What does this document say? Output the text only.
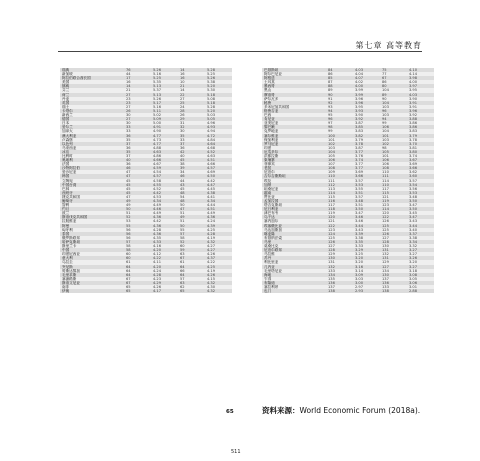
第七章 高等教育
瑞典	76	5.26	14	5.28
新加坡	44	5.16	16	5.25
阿拉伯联合酋长国	17	5.25	16	5.26
美国	16	5.35	10	5.38
挪威	14	5.13	21	5.20
芬兰	21	5.37	14	5.30
荷兰	27	5.13	22	5.18
丹麦	23	5.26	27	5.08
英国	23	5.17	25	5.18
瑞士	27	5.16	24	5.28
卡塔尔	26	5.11	28	5.20
新西兰	30	5.02	26	5.03
德国	27	5.09	29	5.05
日本	30	5.00	31	4.96
爱尔兰	33	4.91	32	4.93
加拿大	33	4.90	30	4.94
澳大利亚	36	4.77	35	4.72
卢森堡	35	4.73	33	4.84
以色列	37	4.77	37	4.64
马来西亚	36	4.88	36	4.68
冰岛	35	4.63	42	4.52
比利时	37	4.86	40	4.63
奥地利	40	4.66	45	4.51
法国	36	4.67	38	4.66
沙特阿拉伯	46	4.59	39	4.57
爱沙尼亚	47	4.54	34	4.69
韩国	47	4.57	46	4.50
立陶宛	45	4.58	44	4.42
中国台湾	45	4.55	43	4.47
巴林	45	4.52	45	4.45
西班牙	45	4.42	48	4.38
捷克共和国	47	4.53	54	4.41
葡萄牙	49	4.34	48	4.34
智利	49	4.49	50	4.44
约旦	50	4.46	47	4.51
波兰	51	4.49	51	4.49
斯洛伐克共和国	52	4.36	49	4.36
拉脱维亚	53	4.42	51	4.24
阿曼	55	4.36	50	4.39
匈牙利	56	4.28	55	4.25
泰国	56	4.36	57	4.28
俄罗斯联邦	56	4.35	58	4.19
哈萨克斯坦	57	4.33	52	4.32
斯里兰卡	58	4.16	60	4.27
中国	58	4.20	59	4.27
印度尼西亚	60	4.12	63	4.26
意大利	60	4.22	67	4.37
乌拉圭	61	4.11	61	4.22
突尼斯	64	4.20	64	4.25
哥斯达黎加	64	4.24	66	4.19
毛里求斯	64	4.28	64	4.26
塞浦路斯	67	4.23	57	4.15
斯洛文尼亚	67	4.29	63	4.32
南非	65	4.26	62	4.30
伊朗	65	4.17	65	4.32
巴基斯坦	84	4.03	75	4.10
阿尔巴尼亚	86	4.04	77	4.14
阿根廷	85	4.07	67	3.98
土耳其	87	4.02	86	4.00
墨西哥	88	4.00	80	3.97
黑山	89	3.99	104	3.95
摩洛哥	90	3.99	89	4.03
萨尔瓦多	91	3.96	90	3.90
秘鲁	92	3.96	104	3.91
多米尼加共和国	93	3.95	103	3.91
格鲁吉亚	94	3.93	96	3.96
巴西	95	3.90	103	3.92
肯尼亚	96	3.92	94	3.88
亚美尼亚	97	3.87	99	3.86
黎巴嫩	98	3.85	106	3.86
克罗地亚	99	3.83	104	3.83
塞尔维亚	100	3.82	101	3.79
保加利亚	101	3.79	103	3.78
罗马尼亚	102	3.78	102	3.70
印度	103	3.87	98	3.81
厄瓜多尔	104	3.77	105	3.80
洪都拉斯	105	3.76	101	3.74
柬埔寨	106	3.74	106	3.67
菲律宾	107	3.77	106	3.69
老挝	108	3.77	108	3.66
尼泊尔	109	3.69	110	3.62
吉尔吉斯斯坦	110	3.66	111	3.60
埃及	111	3.57	114	3.57
加纳	112	3.53	110	3.54
坦桑尼亚	113	3.55	117	3.56
越南	114	3.51	115	3.53
赞比亚	115	3.57	121	3.48
孟加拉国	116	3.48	119	3.50
塔吉克斯坦	117	3.51	123	3.47
尼日利亚	118	3.50	114	3.50
津巴布韦	119	3.47	120	3.45
乌干达	120	3.46	122	3.47
塞内加尔	121	3.46	126	3.43
埃塞俄比亚	122	3.44	125	3.44
马达加斯加	123	3.43	125	3.40
喀麦隆	124	3.39	126	3.37
布基纳法索	125	3.38	127	3.38
马里	126	3.35	128	3.34
莫桑比克	127	3.33	130	3.32
尼泊尔联邦	128	3.29	131	3.27
马拉维	129	3.25	132	3.27
苏丹	130	3.20	131	3.26
利比里亚	131	3.20	129	3.20
几内亚	132	3.16	127	3.27
毛里塔尼亚	133	3.14	134	3.18
海地	134	3.09	130	3.08
乍得	135	3.03	137	3.05
布隆迪	136	3.00	136	3.06
塞拉利昂	137	2.97	133	3.01
也门	138	2.93	138	2.88
65	资料来源：World Economic Forum (2018a).
511
